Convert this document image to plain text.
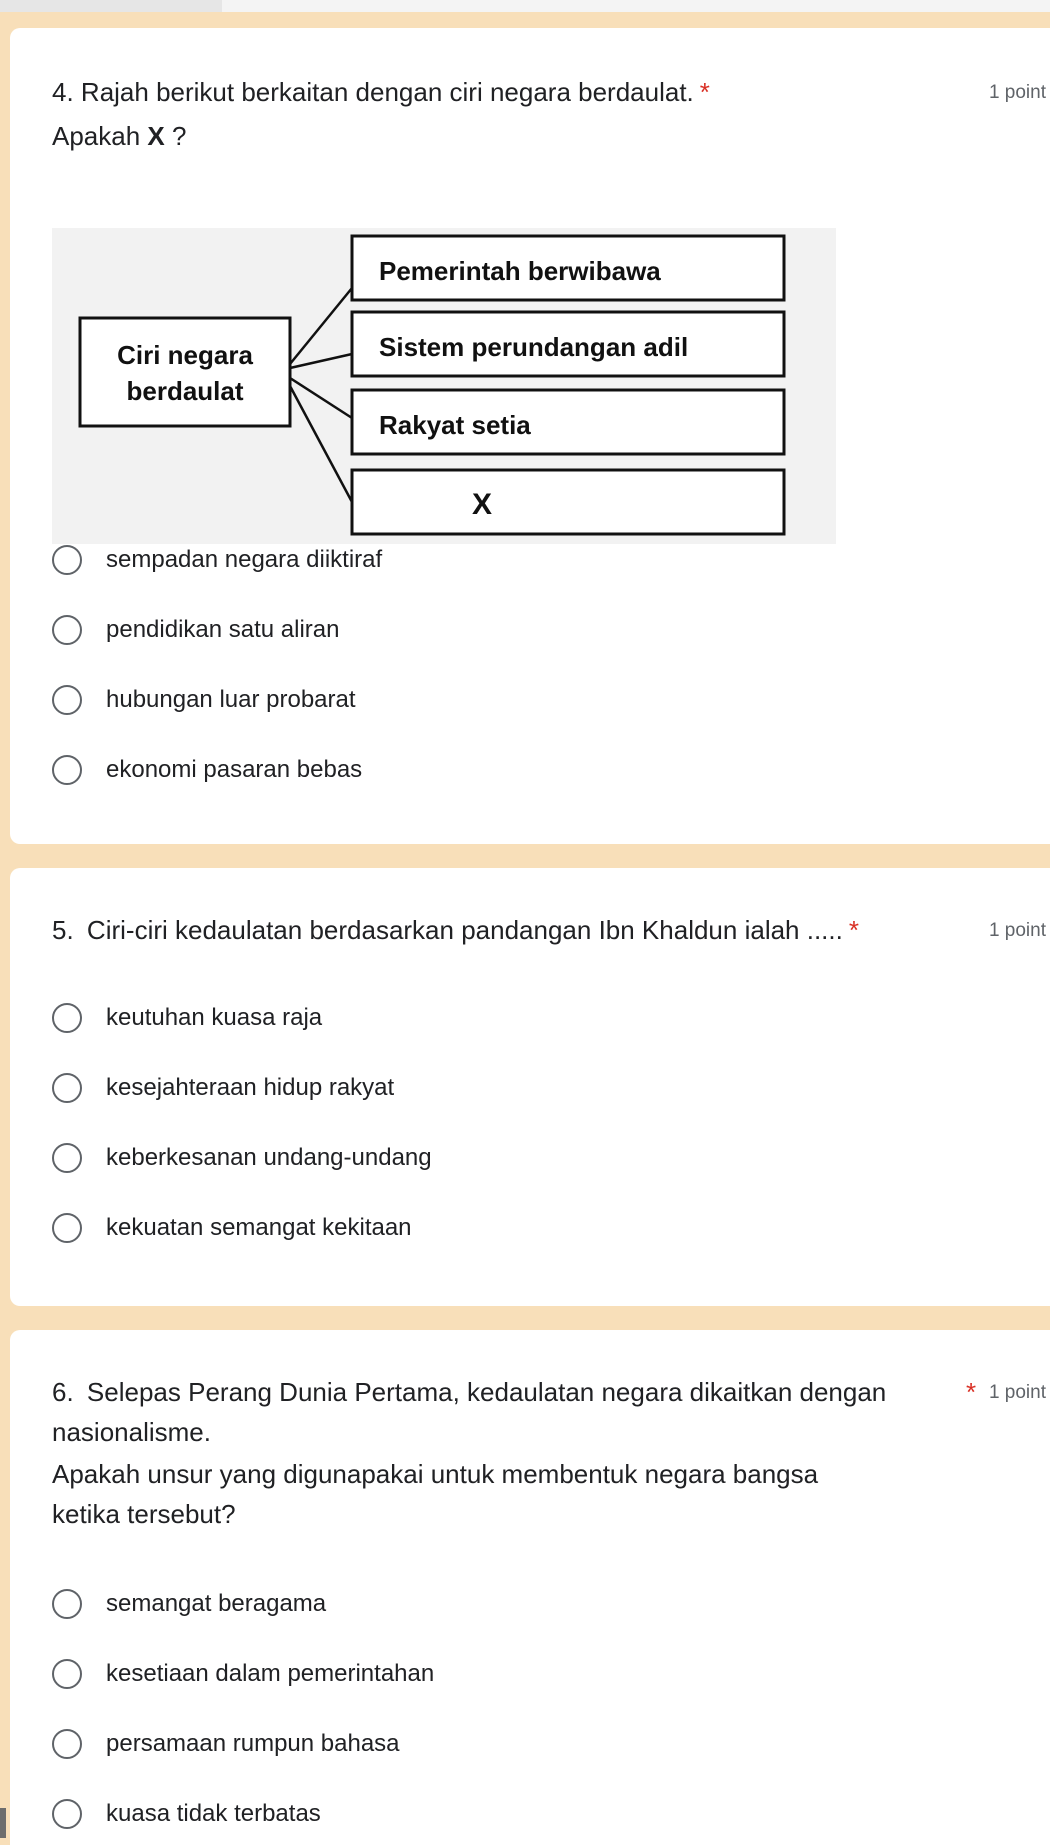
4. Rajah berikut berkaitan dengan ciri negara berdaulat. *	1 point
Apakah X ?
Ciri negara
berdaulat
Pemerintah berwibawa
Sistem perundangan adil
Rakyat setia
X
sempadan negara diiktiraf
pendidikan satu aliran
hubungan luar probarat
ekonomi pasaran bebas
5. Ciri-ciri kedaulatan berdasarkan pandangan Ibn Khaldun ialah ..... *	1 point
keutuhan kuasa raja
kesejahteraan hidup rakyat
keberkesanan undang-undang
kekuatan semangat kekitaan
6. Selepas Perang Dunia Pertama, kedaulatan negara dikaitkan dengan	* 1 point
nasionalisme.
Apakah unsur yang digunapakai untuk membentuk negara bangsa
ketika tersebut?
semangat beragama
kesetiaan dalam pemerintahan
persamaan rumpun bahasa
kuasa tidak terbatas
